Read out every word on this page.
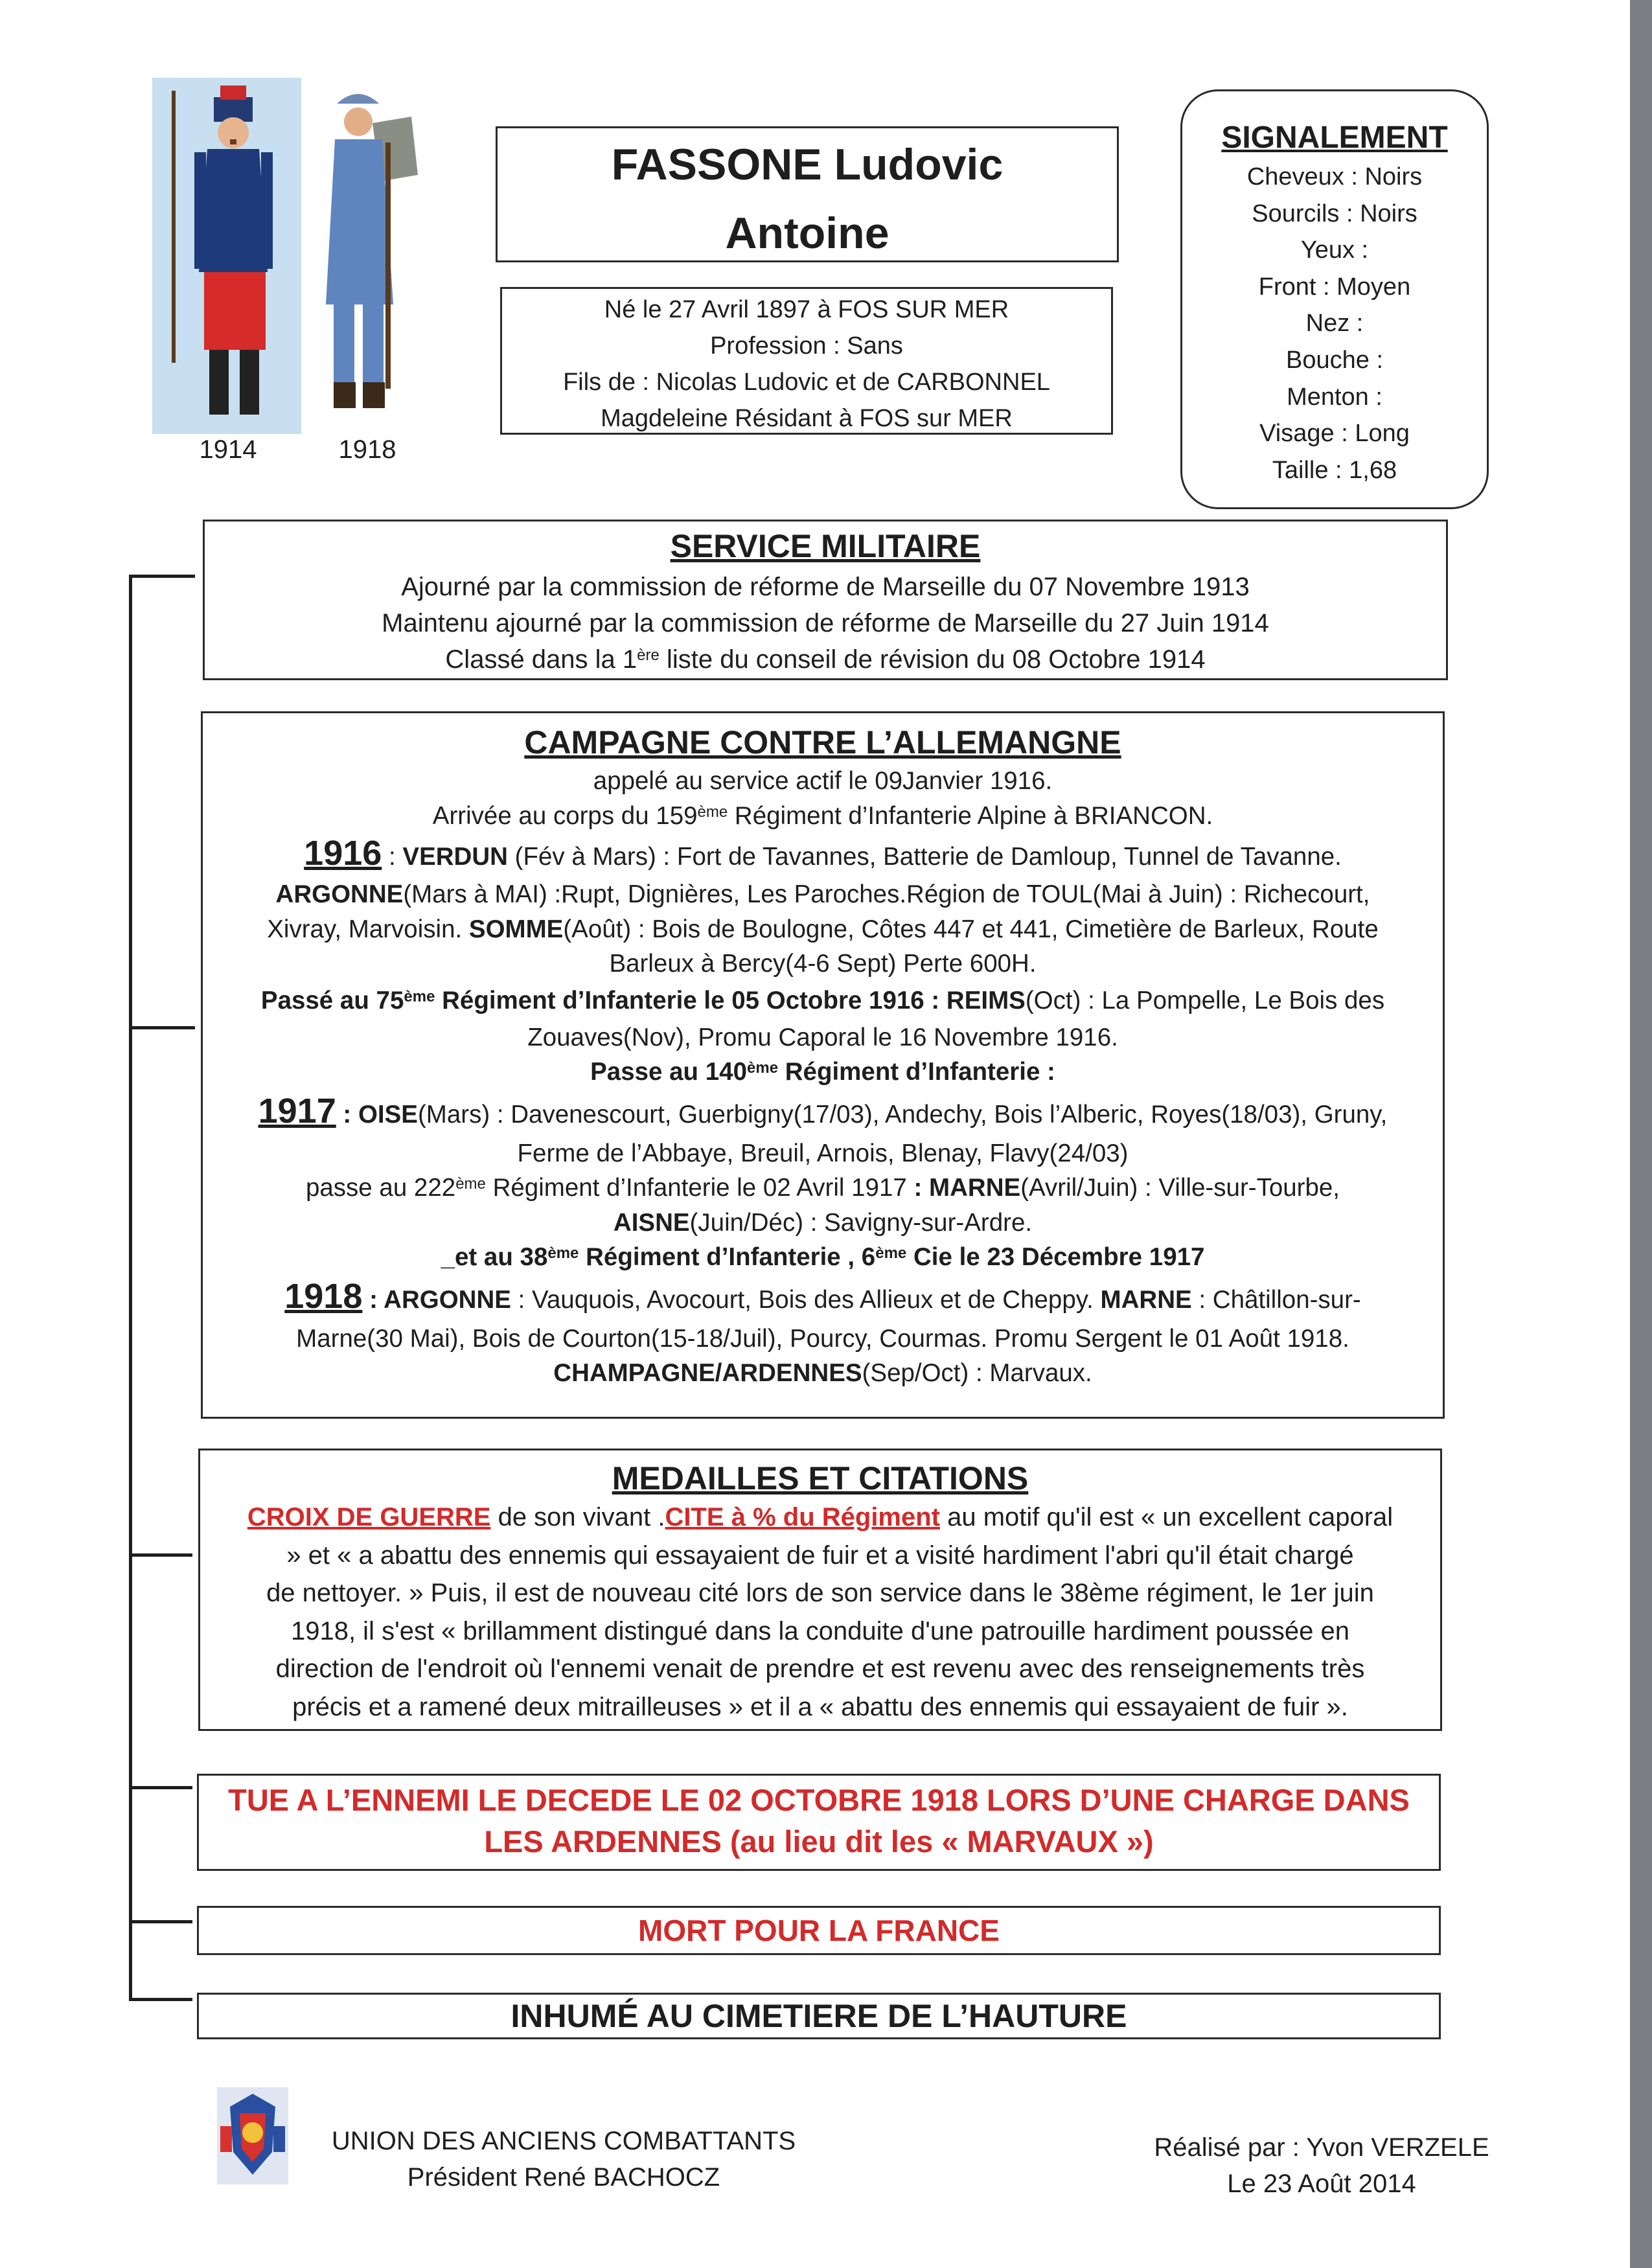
1914	1918
FASSONE Ludovic
Antoine
Né le 27 Avril 1897 à FOS SUR MER
Profession : Sans
Fils de : Nicolas Ludovic et de CARBONNEL
Magdeleine Résidant à FOS sur MER
SIGNALEMENT
Cheveux : Noirs
Sourcils : Noirs
Yeux :
Front : Moyen
Nez :
Bouche :
Menton :
Visage : Long
Taille : 1,68
SERVICE MILITAIRE
Ajourné par la commission de réforme de Marseille du 07 Novembre 1913
Maintenu ajourné par la commission de réforme de Marseille du 27 Juin 1914
Classé dans la 1ère liste du conseil de révision du 08 Octobre 1914
CAMPAGNE CONTRE L’ALLEMANGNE
appelé au service actif le 09Janvier 1916.
Arrivée au corps du 159ème Régiment d’Infanterie Alpine à BRIANCON.
1916 : VERDUN (Fév à Mars) : Fort de Tavannes, Batterie de Damloup, Tunnel de Tavanne.
ARGONNE(Mars à MAI) :Rupt, Dignières, Les Paroches.Région de TOUL(Mai à Juin) : Richecourt,
Xivray, Marvoisin. SOMME(Août) : Bois de Boulogne, Côtes 447 et 441, Cimetière de Barleux, Route
Barleux à Bercy(4-6 Sept) Perte 600H.
Passé au 75ème Régiment d’Infanterie le 05 Octobre 1916 : REIMS(Oct) : La Pompelle, Le Bois des
Zouaves(Nov), Promu Caporal le 16 Novembre 1916.
Passe au 140ème Régiment d’Infanterie :
1917 : OISE(Mars) : Davenescourt, Guerbigny(17/03), Andechy, Bois l’Alberic, Royes(18/03), Gruny,
Ferme de l’Abbaye, Breuil, Arnois, Blenay, Flavy(24/03)
passe au 222ème Régiment d’Infanterie le 02 Avril 1917 : MARNE(Avril/Juin) : Ville-sur-Tourbe,
AISNE(Juin/Déc) : Savigny-sur-Ardre.
_et au 38ème Régiment d’Infanterie , 6ème Cie le 23 Décembre 1917
1918 : ARGONNE : Vauquois, Avocourt, Bois des Allieux et de Cheppy. MARNE : Châtillon-sur-
Marne(30 Mai), Bois de Courton(15-18/Juil), Pourcy, Courmas. Promu Sergent le 01 Août 1918.
CHAMPAGNE/ARDENNES(Sep/Oct) : Marvaux.
MEDAILLES ET CITATIONS
CROIX DE GUERRE de son vivant .CITE à % du Régiment au motif qu'il est « un excellent caporal
» et « a abattu des ennemis qui essayaient de fuir et a visité hardiment l'abri qu'il était chargé
de nettoyer. » Puis, il est de nouveau cité lors de son service dans le 38ème régiment, le 1er juin
1918, il s'est « brillamment distingué dans la conduite d'une patrouille hardiment poussée en
direction de l'endroit où l'ennemi venait de prendre et est revenu avec des renseignements très
précis et a ramené deux mitrailleuses » et il a « abattu des ennemis qui essayaient de fuir ».
TUE A L’ENNEMI LE DECEDE LE 02 OCTOBRE 1918 LORS D’UNE CHARGE DANS
LES ARDENNES (au lieu dit les « MARVAUX »)
MORT POUR LA FRANCE
INHUMÉ AU CIMETIERE DE L’HAUTURE
UNION DES ANCIENS COMBATTANTS
Président René BACHOCZ
Réalisé par : Yvon VERZELE
Le 23 Août 2014
